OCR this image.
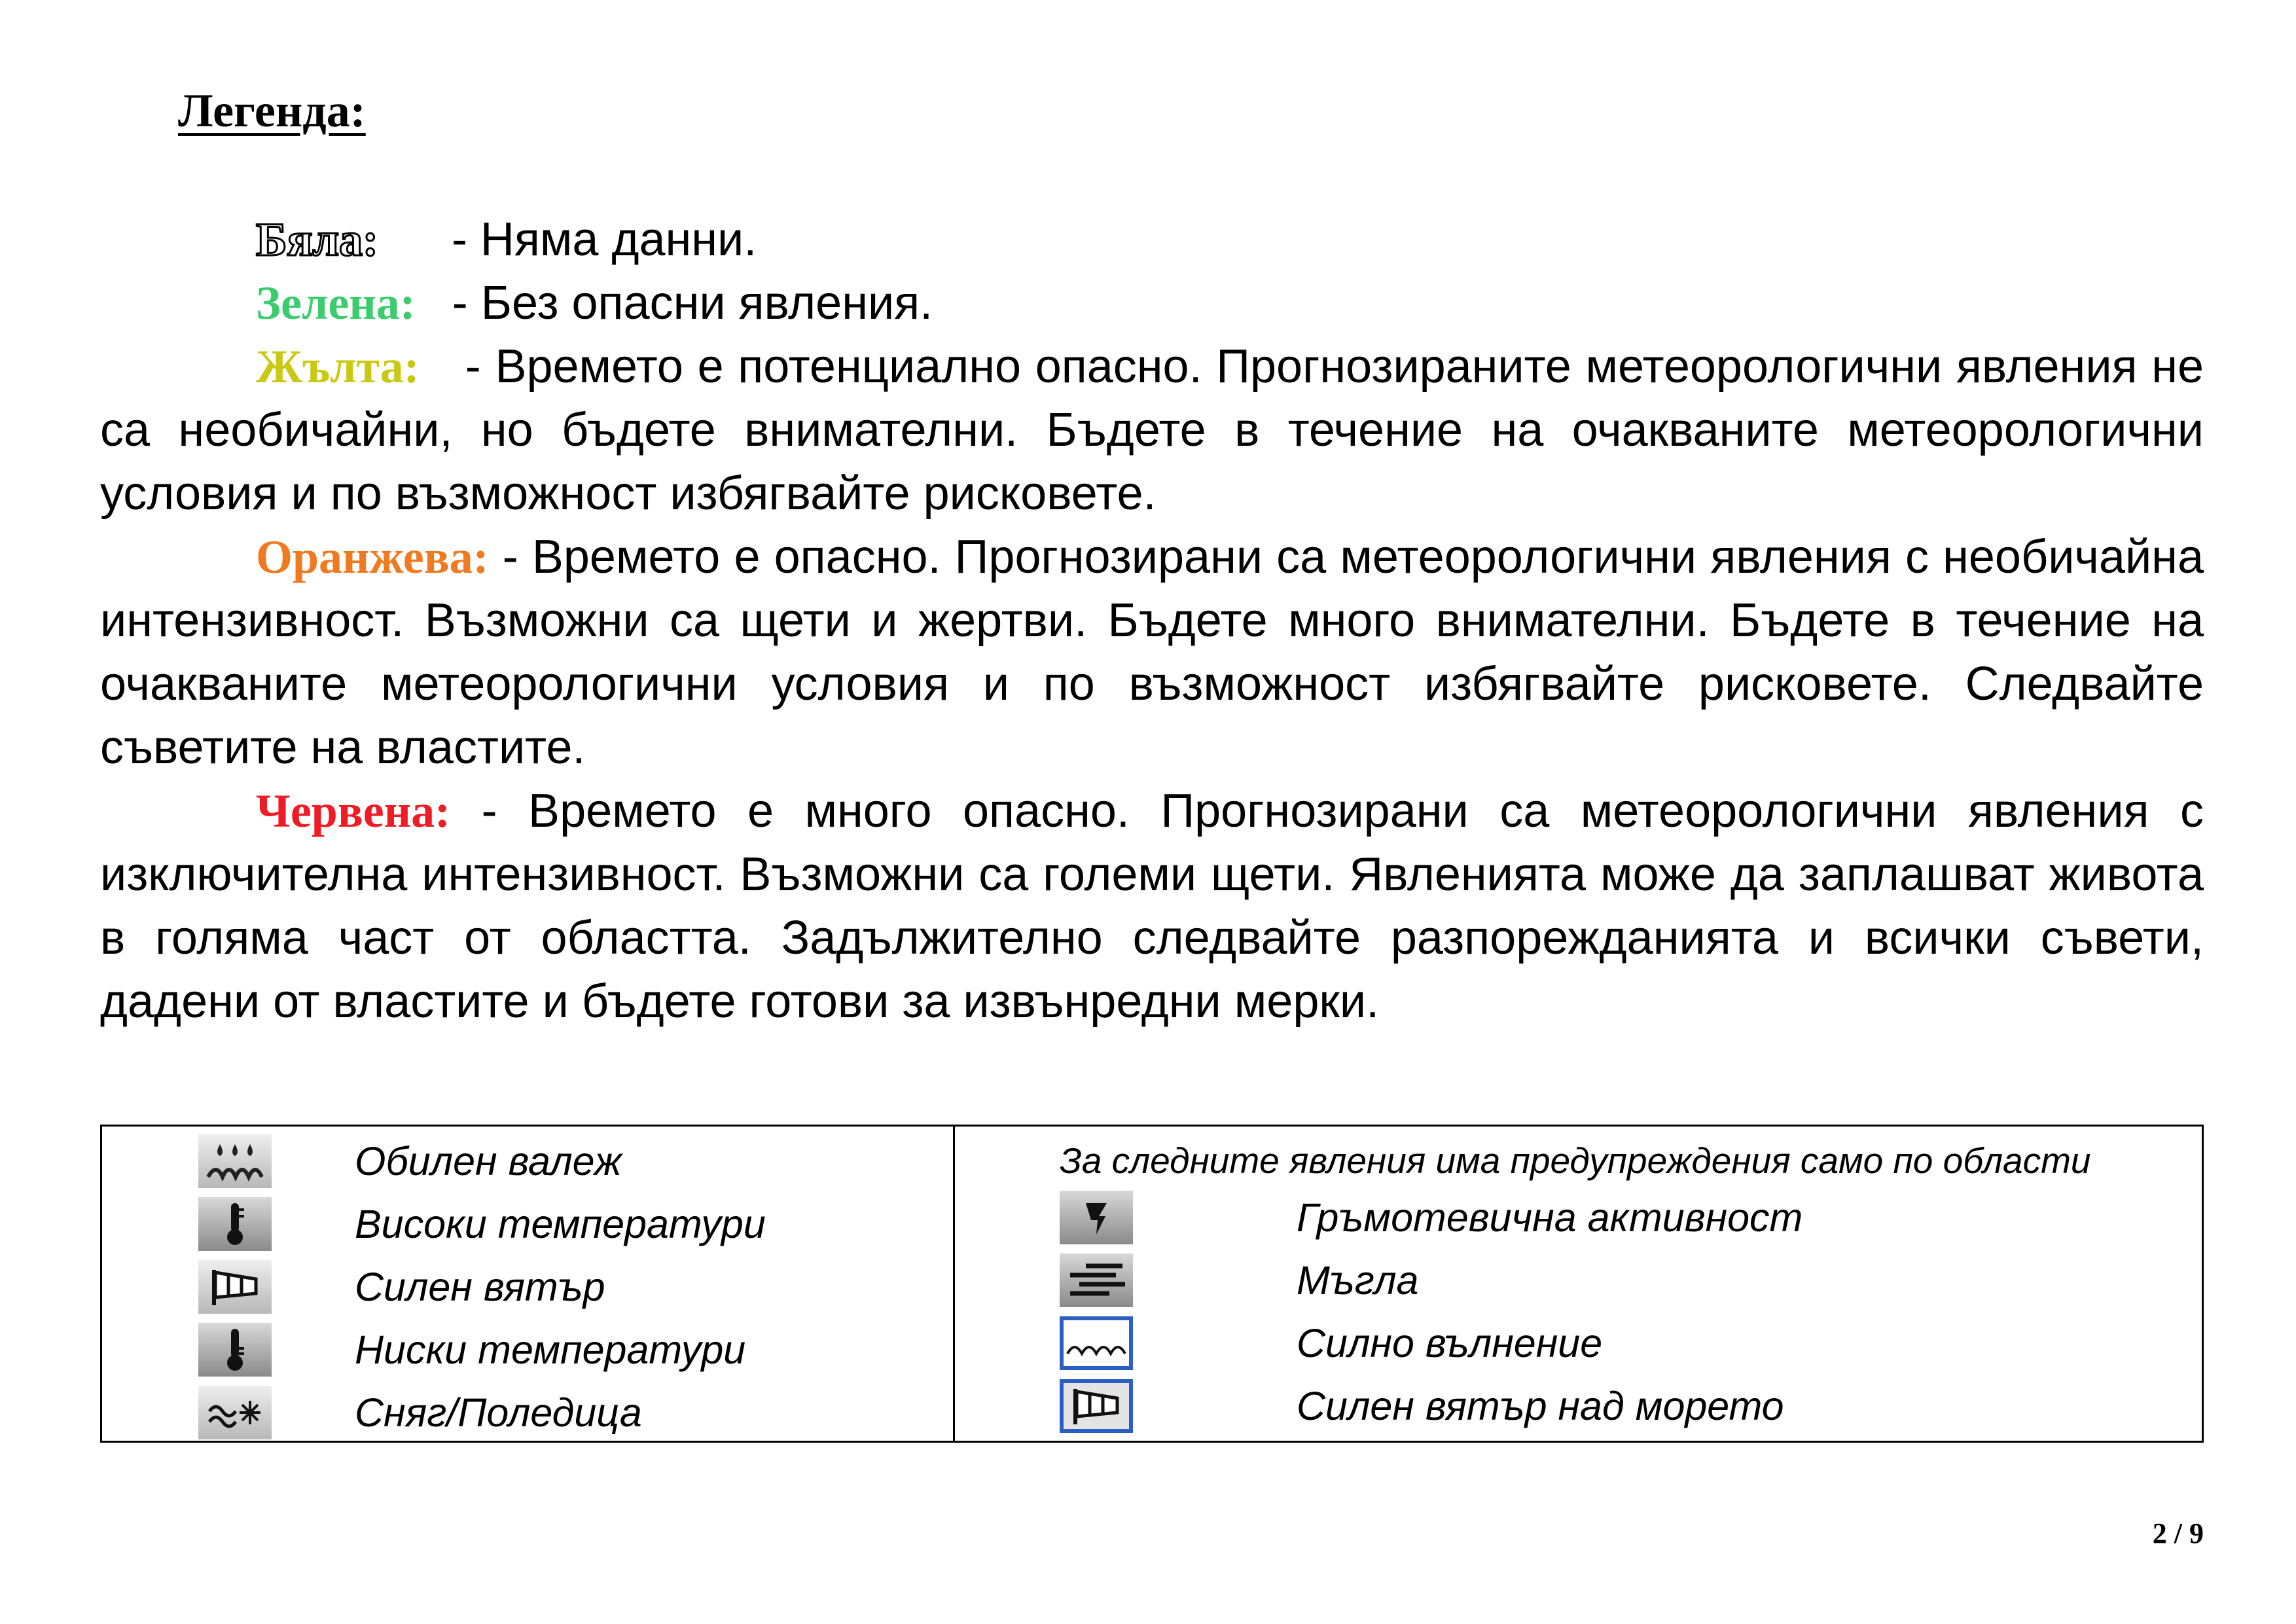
Легенда:

Бяла: - Няма данни.

Зелена: - Без опасни явления.

Жълта: - Времето е потенциално опасно. Прогнозираните метеорологични явления не са необичайни, но бъдете внимателни. Бъдете в течение на очакваните метеорологични условия и по възможност избягвайте рисковете.

Оранжева: - Времето е опасно. Прогнозирани са метеорологични явления с необичайна интензивност. Възможни са щети и жертви. Бъдете много внимателни. Бъдете в течение на очакваните метеорологични условия и по възможност избягвайте рисковете. Следвайте съветите на властите.

Червена: - Времето е много опасно. Прогнозирани са метеорологични явления с изключителна интензивност. Възможни са големи щети. Явленията може да заплашват живота в голяма част от областта. Задължително следвайте разпорежданията и всички съвети, дадени от властите и бъдете готови за извънредни мерки.

Обилен валеж
Високи температури
Силен вятър
Ниски температури
Сняг/Поледица
За следните явления има предупреждения само по области
Гръмотевична активност
Мъгла
Силно вълнение
Силен вятър над морето
2 / 9
